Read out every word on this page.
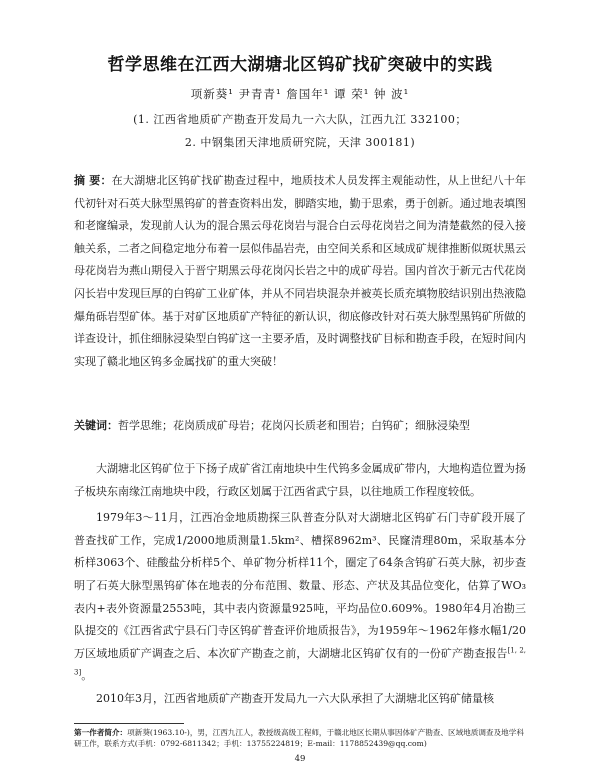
哲学思维在江西大湖塘北区钨矿找矿突破中的实践
项新葵¹ 尹青青¹ 詹国年¹ 谭 荣¹ 钟 波¹
(1. 江西省地质矿产勘查开发局九一六大队，江西九江 332100；
2. 中钢集团天津地质研究院，天津 300181)
摘 要：在大湖塘北区钨矿找矿勘查过程中，地质技术人员发挥主观能动性，从上世纪八十年代初针对石英大脉型黑钨矿的普查资料出发，脚踏实地，勤于思索，勇于创新。通过地表填图和老窿编录，发现前人认为的混合黑云母花岗岩与混合白云母花岗岩之间为清楚截然的侵入接触关系，二者之间稳定地分布着一层似伟晶岩壳，由空间关系和区域成矿规律推断似斑状黑云母花岗岩为燕山期侵入于晋宁期黑云母花岗闪长岩之中的成矿母岩。国内首次于新元古代花岗闪长岩中发现巨厚的白钨矿工业矿体，并从不同岩块混杂并被英长质充填物胶结识别出热液隐爆角砾岩型矿体。基于对矿区地质矿产特征的新认识，彻底修改针对石英大脉型黑钨矿所做的详查设计，抓住细脉浸染型白钨矿这一主要矛盾，及时调整找矿目标和勘查手段，在短时间内实现了赣北地区钨多金属找矿的重大突破！
关键词：哲学思维；花岗质成矿母岩；花岗闪长质老和围岩；白钨矿；细脉浸染型

大湖塘北区钨矿位于下扬子成矿省江南地块中生代钨多金属成矿带内，大地构造位置为扬子板块东南缘江南地块中段，行政区划属于江西省武宁县，以往地质工作程度较低。

1979年3～11月，江西冶金地质勘探三队普查分队对大湖塘北区钨矿石门寺矿段开展了普查找矿工作，完成1/2000地质测量1.5km²、槽探8962m³、民窿清理80m，采取基本分析样3063个、硅酸盐分析样5个、单矿物分析样11个，圈定了64条含钨矿石英大脉，初步查明了石英大脉型黑钨矿体在地表的分布范围、数量、形态、产状及其品位变化，估算了WO₃表内+表外资源量2553吨，其中表内资源量925吨，平均品位0.609%。1980年4月冶勘三队提交的《江西省武宁县石门寺区钨矿普查评价地质报告》，为1959年～1962年修水幅1/20万区域地质矿产调查之后、本次矿产勘查之前，大湖塘北区钨矿仅有的一份矿产勘查报告[1, 2, 3]。

2010年3月，江西省地质矿产勘查开发局九一六大队承担了大湖塘北区钨矿储量核

第一作者简介：项新葵(1963.10-)，男，江西九江人，教授级高级工程师，于赣北地区长期从事因体矿产勘查、区域地质调查及地学科研工作，联系方式(手机：0792-6811342；手机：13755224819；E-mail：1178852439@qq.com)
49
